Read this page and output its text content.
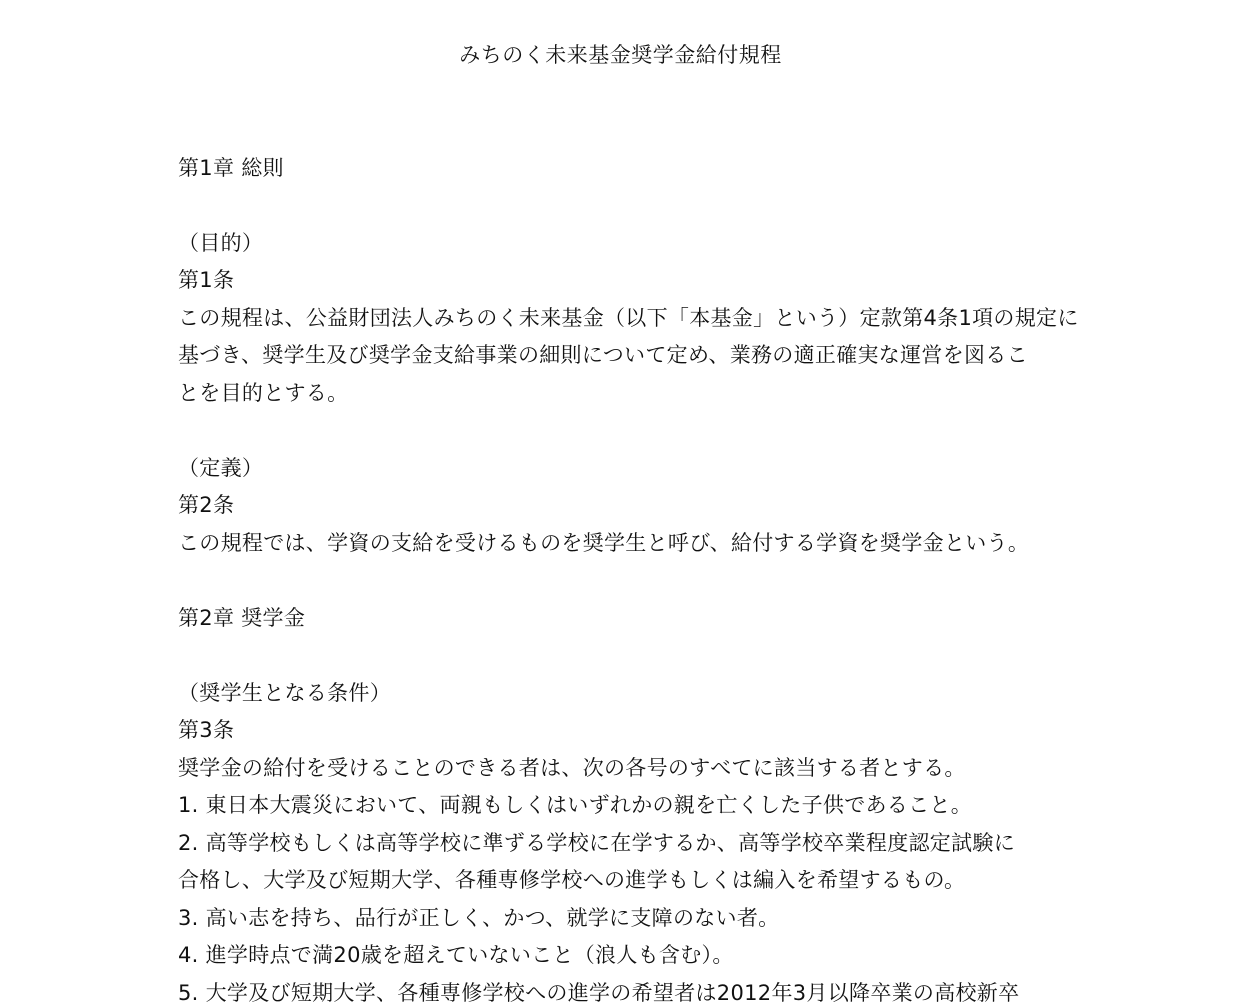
みちのく未来基金奨学金給付規程
第1章 総則
（目的）
第1条
この規程は、公益財団法人みちのく未来基金（以下「本基金」という）定款第4条1項の規定に
基づき、奨学生及び奨学金支給事業の細則について定め、業務の適正確実な運営を図るこ
とを目的とする。
（定義）
第2条
この規程では、学資の支給を受けるものを奨学生と呼び、給付する学資を奨学金という。
第2章 奨学金
（奨学生となる条件）
第3条
奨学金の給付を受けることのできる者は、次の各号のすべてに該当する者とする。
1. 東日本大震災において、両親もしくはいずれかの親を亡くした子供であること。
2. 高等学校もしくは高等学校に準ずる学校に在学するか、高等学校卒業程度認定試験に
合格し、大学及び短期大学、各種専修学校への進学もしくは編入を希望するもの。
3. 高い志を持ち、品行が正しく、かつ、就学に支障のない者。
4. 進学時点で満20歳を超えていないこと（浪人も含む）。
5. 大学及び短期大学、各種専修学校への進学の希望者は2012年3月以降卒業の高校新卒
